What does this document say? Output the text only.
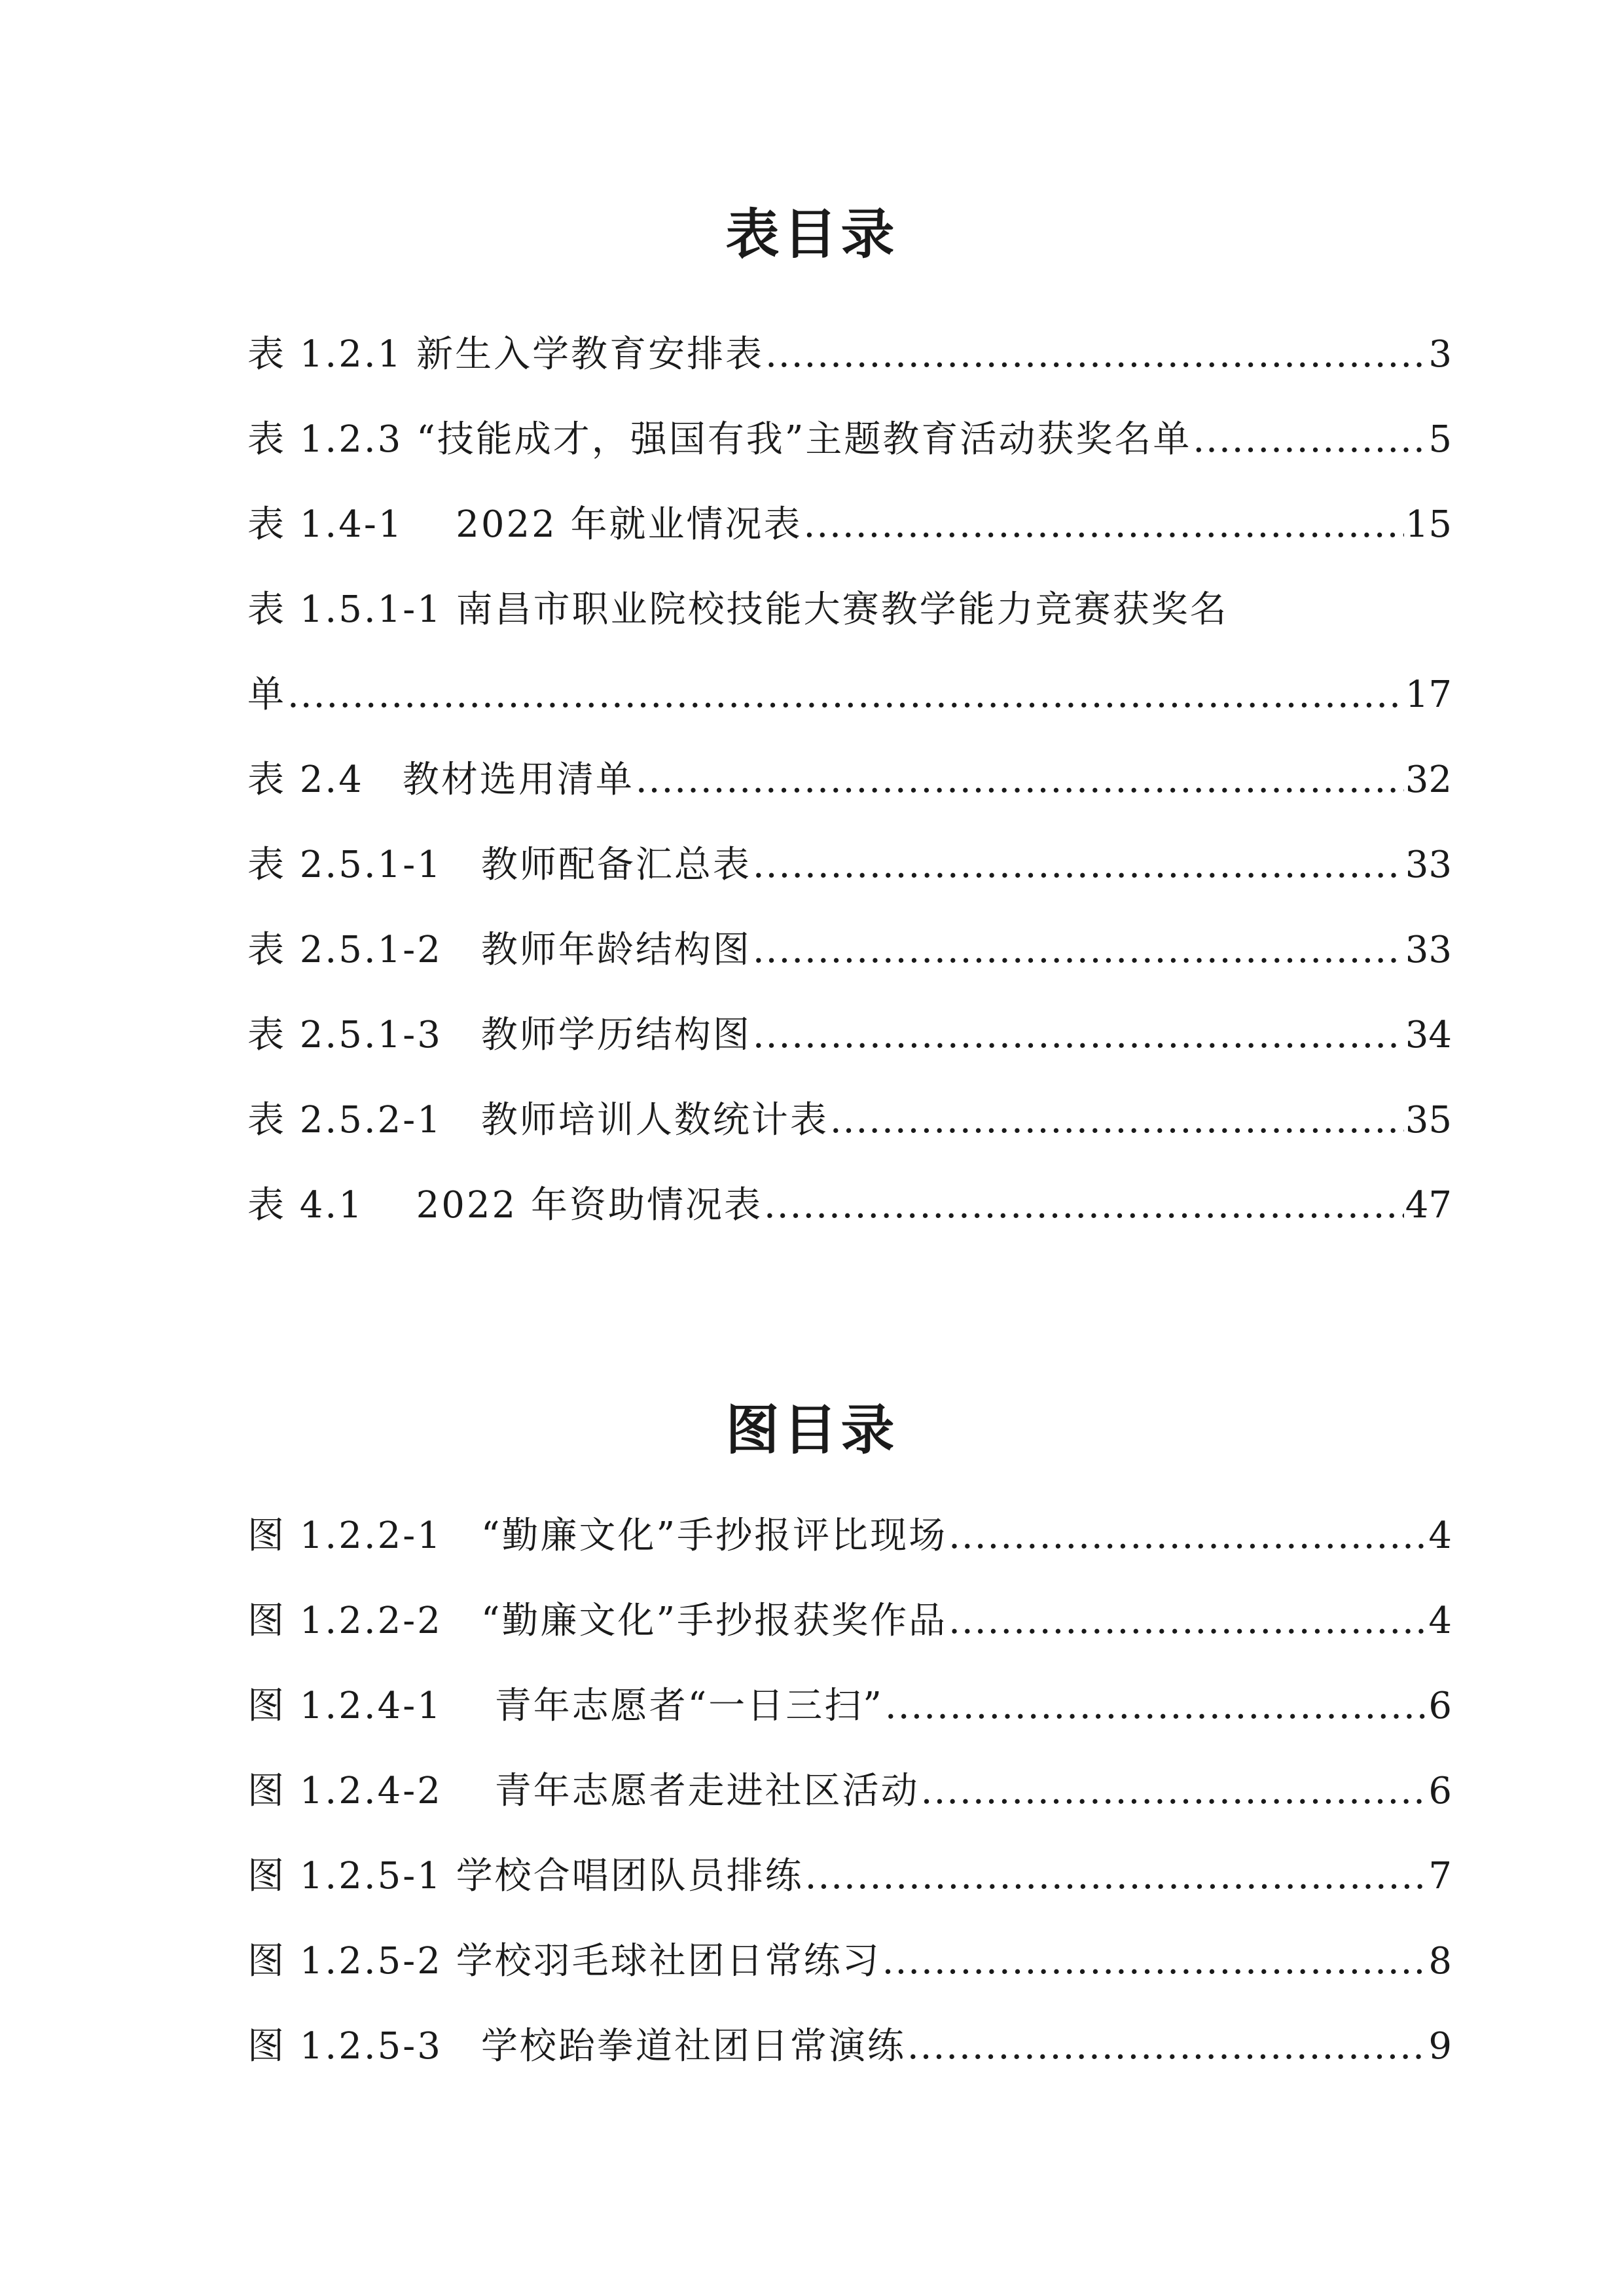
表目录
表 1.2.1 新生入学教育安排表 .....	3
表 1.2.3 “技能成才，强国有我”主题教育活动获奖名单 .....	5
表 1.4-1　 2022 年就业情况表 .....	15
表 1.5.1-1 南昌市职业院校技能大赛教学能力竞赛获奖名
单 .....	17
表 2.4　教材选用清单 .....	32
表 2.5.1-1　教师配备汇总表 .....	33
表 2.5.1-2　教师年龄结构图 .....	33
表 2.5.1-3　教师学历结构图 .....	34
表 2.5.2-1　教师培训人数统计表 .....	35
表 4.1　 2022 年资助情况表 .....	47
图目录
图 1.2.2-1　“勤廉文化”手抄报评比现场 .....	4
图 1.2.2-2　“勤廉文化”手抄报获奖作品 .....	4
图 1.2.4-1　 青年志愿者“一日三扫” .....	6
图 1.2.4-2　 青年志愿者走进社区活动 .....	6
图 1.2.5-1 学校合唱团队员排练 .....	7
图 1.2.5-2 学校羽毛球社团日常练习 .....	8
图 1.2.5-3　学校跆拳道社团日常演练 .....	9
